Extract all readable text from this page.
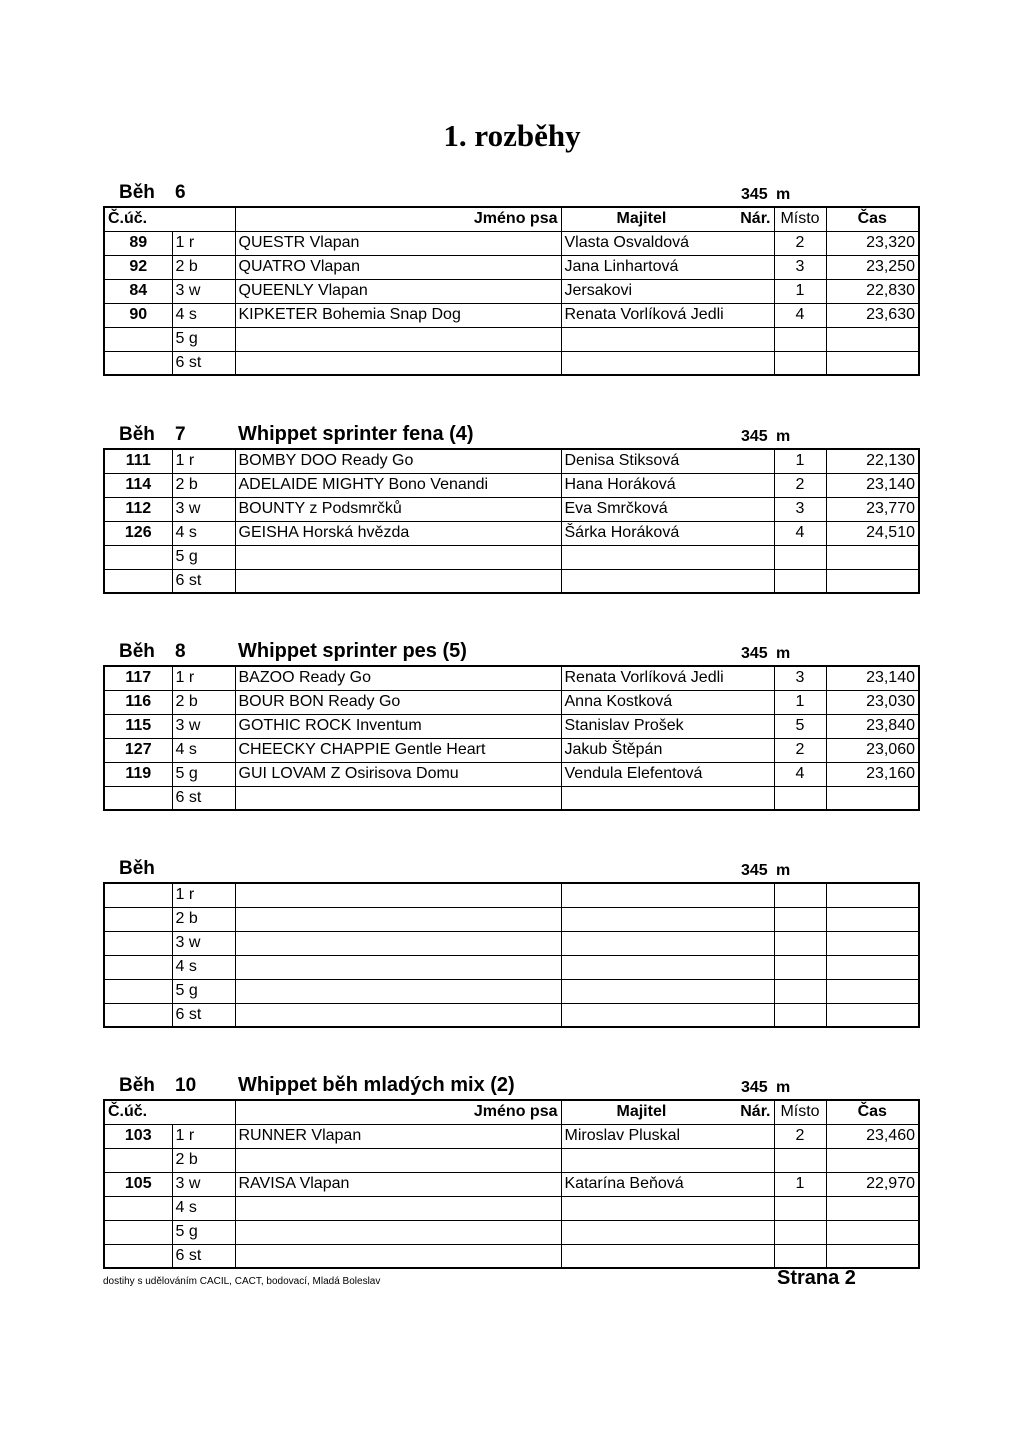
1. rozběhy
Běh 6	345 m
Č.úč.		Jméno psa	Majitel Nár.	Místo	Čas
89	1 r	QUESTR Vlapan	Vlasta Osvaldová	2	23,320
92	2 b	QUATRO Vlapan	Jana Linhartová	3	23,250
84	3 w	QUEENLY Vlapan	Jersakovi	1	22,830
90	4 s	KIPKETER Bohemia Snap Dog	Renata Vorlíková Jedli	4	23,630
	5 g				
	6 st				
Běh 7	Whippet sprinter fena (4)	345 m
111	1 r	BOMBY DOO Ready Go	Denisa Stiksová	1	22,130
114	2 b	ADELAIDE MIGHTY Bono Venandi	Hana Horáková	2	23,140
112	3 w	BOUNTY z Podsmrčků	Eva Smrčková	3	23,770
126	4 s	GEISHA Horská hvězda	Šárka Horáková	4	24,510
	5 g				
	6 st				
Běh 8	Whippet sprinter pes (5)	345 m
117	1 r	BAZOO Ready Go	Renata Vorlíková Jedli	3	23,140
116	2 b	BOUR BON Ready Go	Anna Kostková	1	23,030
115	3 w	GOTHIC ROCK Inventum	Stanislav Prošek	5	23,840
127	4 s	CHEECKY CHAPPIE Gentle Heart	Jakub Štěpán	2	23,060
119	5 g	GUI LOVAM Z Osirisova Domu	Vendula Elefentová	4	23,160
	6 st				
Běh	345 m
	1 r				
	2 b				
	3 w				
	4 s				
	5 g				
	6 st				
Běh 10 Whippet běh mladých mix (2)	345 m
Č.úč.		Jméno psa	Majitel Nár.	Místo	Čas
103	1 r	RUNNER Vlapan	Miroslav Pluskal	2	23,460
	2 b				
105	3 w	RAVISA Vlapan	Katarína Beňová	1	22,970
	4 s				
	5 g				
	6 st				
dostihy s udělováním CACIL, CACT, bodovací, Mladá Boleslav	Strana 2
